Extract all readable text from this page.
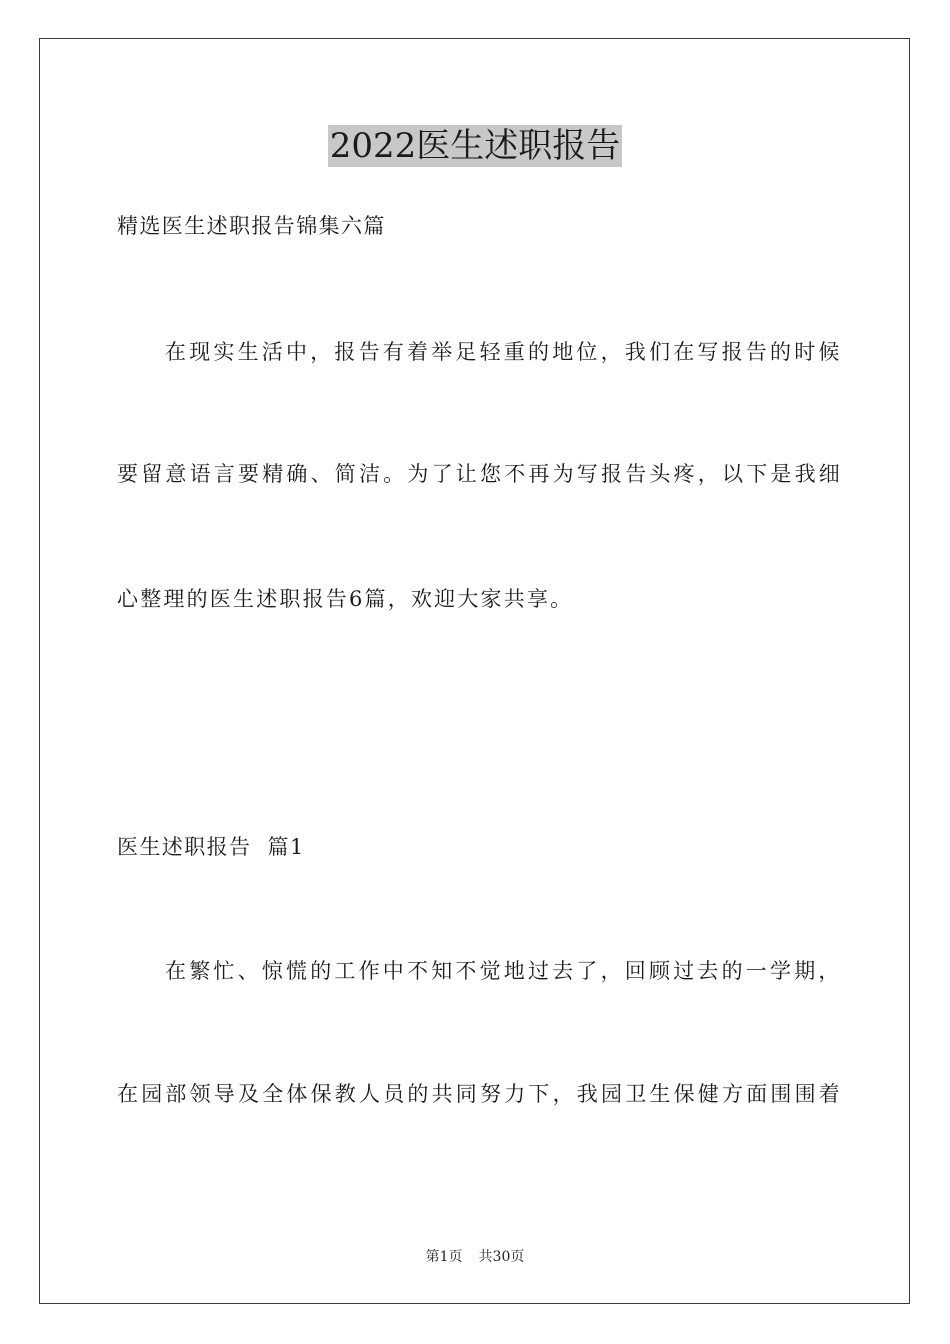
2022医生述职报告
精选医生述职报告锦集六篇
在现实生活中，报告有着举足轻重的地位，我们在写报告的时候
要留意语言要精确、简洁。为了让您不再为写报告头疼，以下是我细
心整理的医生述职报告6篇，欢迎大家共享。
医生述职报告  篇1
在繁忙、惊慌的工作中不知不觉地过去了，回顾过去的一学期，
在园部领导及全体保教人员的共同努力下，我园卫生保健方面围围着
第1页 共30页
